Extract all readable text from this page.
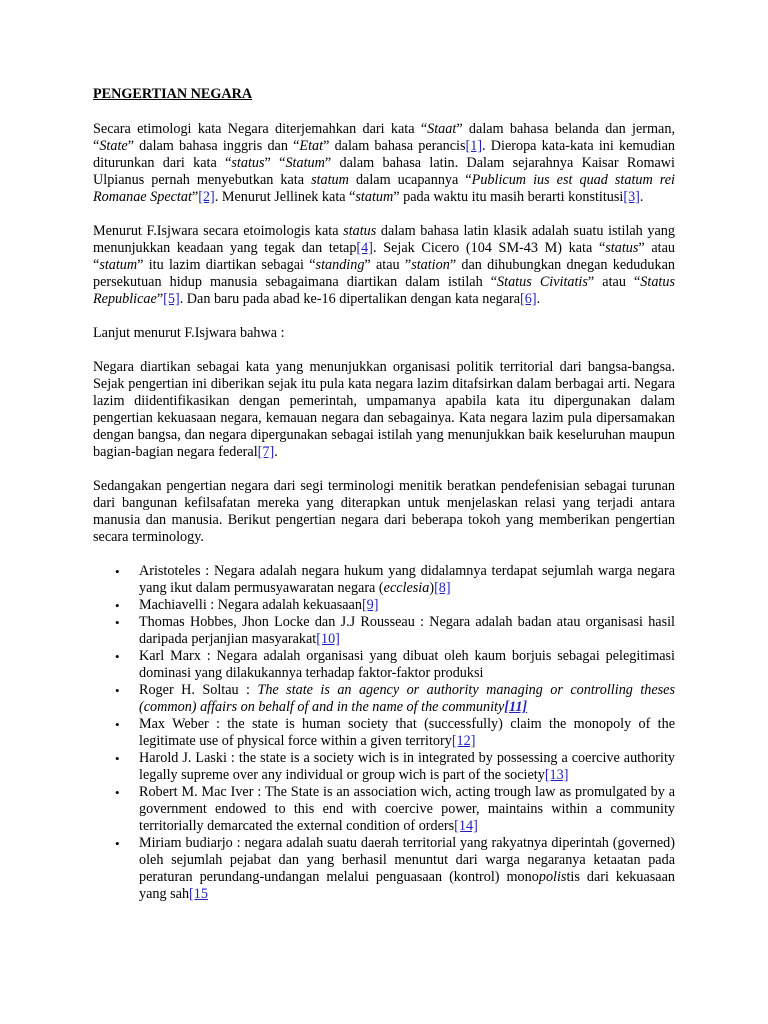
PENGERTIAN NEGARA

Secara etimologi kata Negara diterjemahkan dari kata “Staat” dalam bahasa belanda dan jerman, “State” dalam bahasa inggris dan “Etat” dalam bahasa perancis[1]. Dieropa kata-kata ini kemudian diturunkan dari kata “status” “Statum” dalam bahasa latin. Dalam sejarahnya Kaisar Romawi Ulpianus pernah menyebutkan kata statum dalam ucapannya “Publicum ius est quad statum rei Romanae Spectat”[2]. Menurut Jellinek kata “statum” pada waktu itu masih berarti konstitusi[3].

Menurut F.Isjwara secara etoimologis kata status dalam bahasa latin klasik adalah suatu istilah yang menunjukkan keadaan yang tegak dan tetap[4]. Sejak Cicero (104 SM-43 M) kata “status” atau “statum” itu lazim diartikan sebagai “standing” atau ”station” dan dihubungkan dnegan kedudukan persekutuan hidup manusia sebagaimana diartikan dalam istilah “Status Civitatis” atau “Status Republicae”[5]. Dan baru pada abad ke-16 dipertalikan dengan kata negara[6].

Lanjut menurut F.Isjwara bahwa :

Negara diartikan sebagai kata yang menunjukkan organisasi politik territorial dari bangsa-bangsa. Sejak pengertian ini diberikan sejak itu pula kata negara lazim ditafsirkan dalam berbagai arti. Negara lazim diidentifikasikan dengan pemerintah, umpamanya apabila kata itu dipergunakan dalam pengertian kekuasaan negara, kemauan negara dan sebagainya. Kata negara lazim pula dipersamakan dengan bangsa, dan negara dipergunakan sebagai istilah yang menunjukkan baik keseluruhan maupun bagian-bagian negara federal[7].

Sedangakan pengertian negara dari segi terminologi menitik beratkan pendefenisian sebagai turunan dari bangunan kefilsafatan mereka yang diterapkan untuk menjelaskan relasi yang terjadi antara manusia dan manusia. Berikut pengertian negara dari beberapa tokoh yang memberikan pengertian secara terminology.

• Aristoteles : Negara adalah negara hukum yang didalamnya terdapat sejumlah warga negara yang ikut dalam permusyawaratan negara (ecclesia)[8]
• Machiavelli : Negara adalah kekuasaan[9]
• Thomas Hobbes, Jhon Locke dan J.J Rousseau : Negara adalah badan atau organisasi hasil daripada perjanjian masyarakat[10]
• Karl Marx : Negara adalah organisasi yang dibuat oleh kaum borjuis sebagai pelegitimasi dominasi yang dilakukannya terhadap faktor-faktor produksi
• Roger H. Soltau : The state is an agency or authority managing or controlling theses (common) affairs on behalf of and in the name of the community[11]
• Max Weber : the state is human society that (successfully) claim the monopoly of the legitimate use of physical force within a given territory[12]
• Harold J. Laski : the state is a society wich is in integrated by possessing a coercive authority legally supreme over any individual or group wich is part of the society[13]
• Robert M. Mac Iver : The State is an association wich, acting trough law as promulgated by a government endowed to this end with coercive power, maintains within a community territorially demarcated the external condition of orders[14]
• Miriam budiarjo : negara adalah suatu daerah territorial yang rakyatnya diperintah (governed) oleh sejumlah pejabat dan yang berhasil menuntut dari warga negaranya ketaatan pada peraturan perundang-undangan melalui penguasaan (kontrol) monopolistis dari kekuasaan yang sah[15
